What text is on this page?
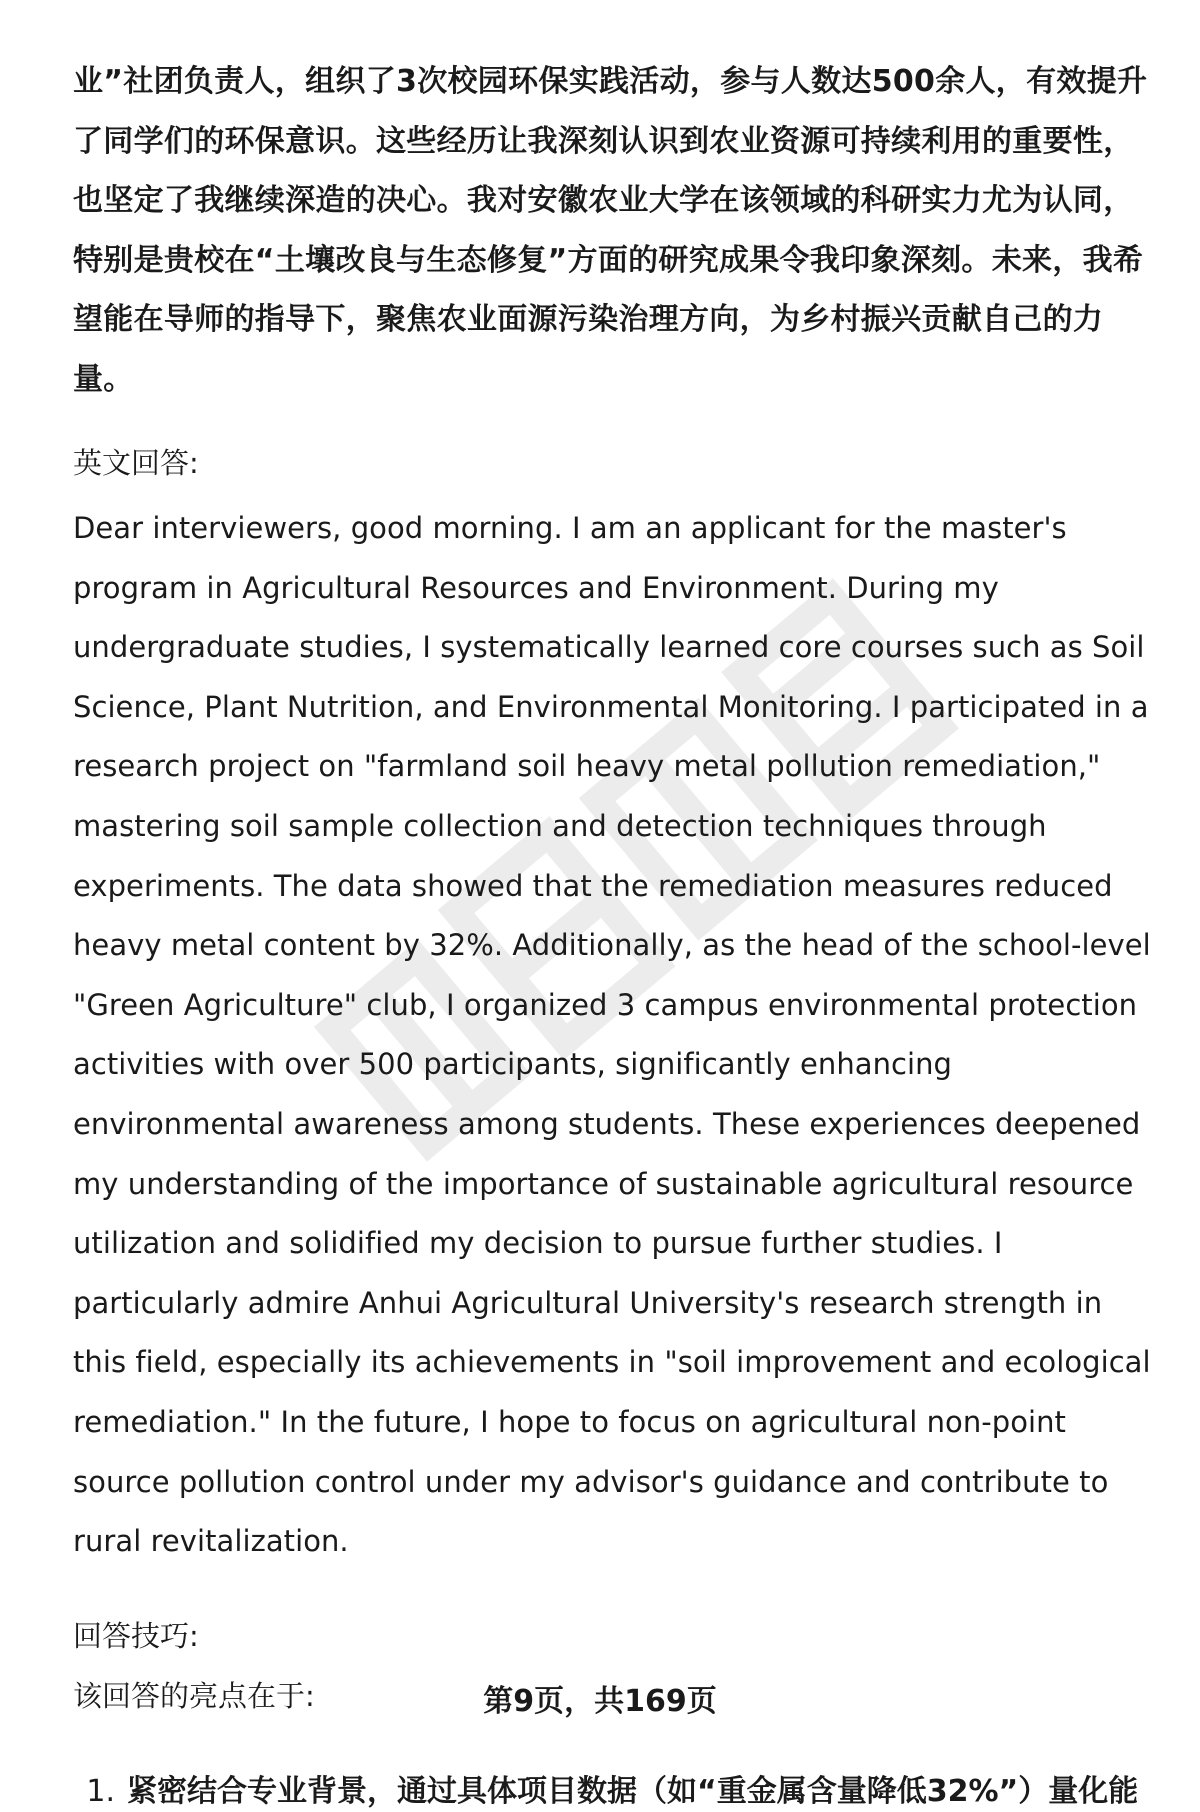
业”社团负责人，组织了3次校园环保实践活动，参与人数达500余人，有效提升了同学们的环保意识。这些经历让我深刻认识到农业资源可持续利用的重要性，也坚定了我继续深造的决心。我对安徽农业大学在该领域的科研实力尤为认同，特别是贵校在“土壤改良与生态修复”方面的研究成果令我印象深刻。未来，我希望能在导师的指导下，聚焦农业面源污染治理方向，为乡村振兴贡献自己的力量。

英文回答:

Dear interviewers, good morning. I am an applicant for the master's program in Agricultural Resources and Environment. During my undergraduate studies, I systematically learned core courses such as Soil Science, Plant Nutrition, and Environmental Monitoring. I participated in a research project on "farmland soil heavy metal pollution remediation," mastering soil sample collection and detection techniques through experiments. The data showed that the remediation measures reduced heavy metal content by 32%. Additionally, as the head of the school-level "Green Agriculture" club, I organized 3 campus environmental protection activities with over 500 participants, significantly enhancing environmental awareness among students. These experiences deepened my understanding of the importance of sustainable agricultural resource utilization and solidified my decision to pursue further studies. I particularly admire Anhui Agricultural University's research strength in this field, especially its achievements in "soil improvement and ecological remediation." In the future, I hope to focus on agricultural non-point source pollution control under my advisor's guidance and contribute to rural revitalization.

回答技巧:

该回答的亮点在于:

1. 紧密结合专业背景，通过具体项目数据（如“重金属含量降低32%”）量化能
第9页，共169页
